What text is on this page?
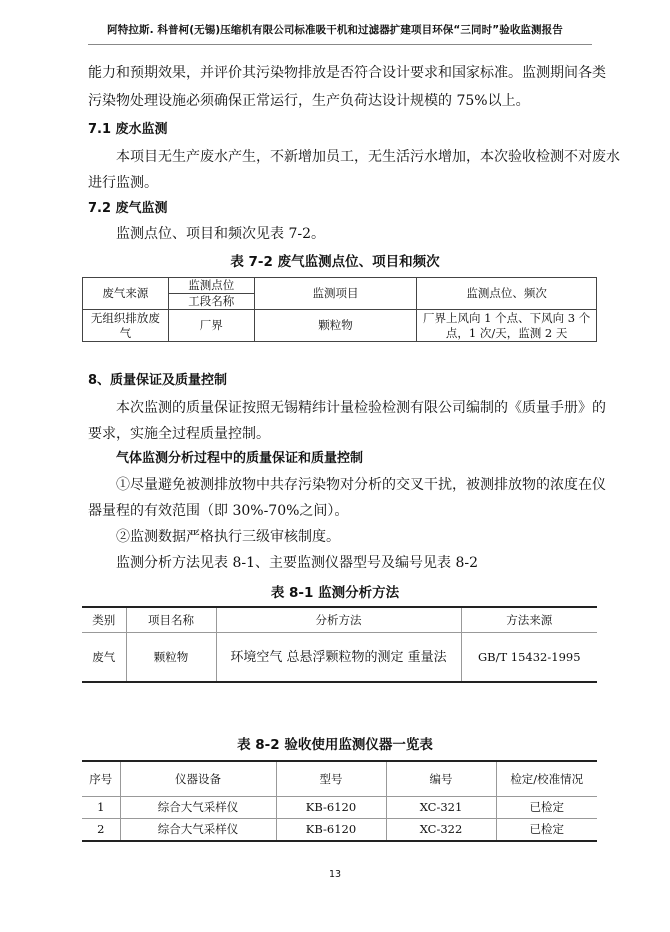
阿特拉斯. 科普柯(无锡)压缩机有限公司标准吸干机和过滤器扩建项目环保“三同时”验收监测报告
能力和预期效果，并评价其污染物排放是否符合设计要求和国家标准。监测期间各类
污染物处理设施必须确保正常运行，生产负荷达设计规模的 75%以上。
7.1 废水监测
本项目无生产废水产生，不新增加员工，无生活污水增加，本次验收检测不对废水
进行监测。
7.2 废气监测
监测点位、项目和频次见表 7-2。
表 7-2 废气监测点位、项目和频次
废气来源	监测点位	监测项目	监测点位、频次
	工段名称		
无组织排放废气	厂界	颗粒物	厂界上风向 1 个点、下风向 3 个点，1 次/天，监测 2 天
8、质量保证及质量控制
本次监测的质量保证按照无锡精纬计量检验检测有限公司编制的《质量手册》的
要求，实施全过程质量控制。
气体监测分析过程中的质量保证和质量控制
①尽量避免被测排放物中共存污染物对分析的交叉干扰，被测排放物的浓度在仪
器量程的有效范围（即 30%-70%之间）。
②监测数据严格执行三级审核制度。
监测分析方法见表 8-1、主要监测仪器型号及编号见表 8-2
表 8-1 监测分析方法
类别	项目名称	分析方法	方法来源
废气	颗粒物	环境空气 总悬浮颗粒物的测定 重量法	GB/T 15432-1995
表 8-2 验收使用监测仪器一览表
序号	仪器设备	型号	编号	检定/校准情况
1	综合大气采样仪	KB-6120	XC-321	已检定
2	综合大气采样仪	KB-6120	XC-322	已检定
13
